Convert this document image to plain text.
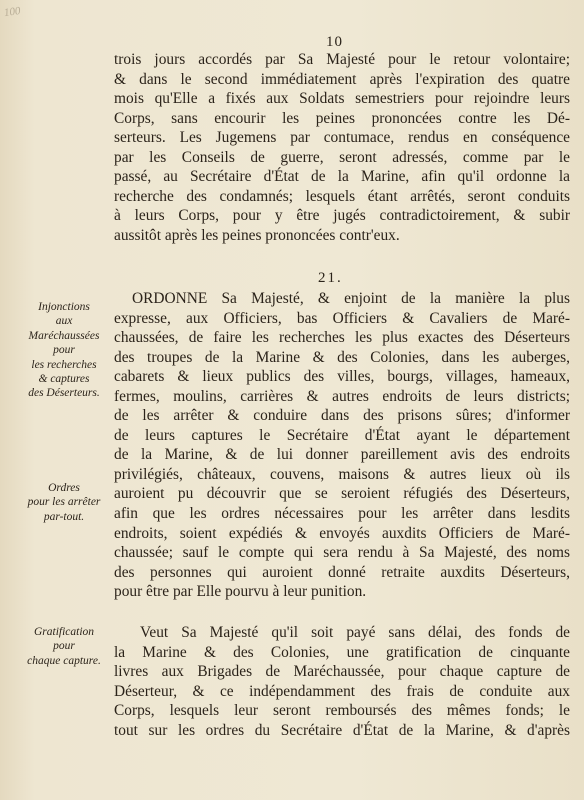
100
10
trois jours accordés par Sa Majesté pour le retour volontaire;
& dans le second immédiatement après l'expiration des quatre
mois qu'Elle a fixés aux Soldats semestriers pour rejoindre leurs
Corps, sans encourir les peines prononcées contre les Dé-
serteurs. Les Jugemens par contumace, rendus en conséquence
par les Conseils de guerre, seront adressés, comme par le
passé, au Secrétaire d'État de la Marine, afin qu'il ordonne la
recherche des condamnés; lesquels étant arrêtés, seront conduits
à leurs Corps, pour y être jugés contradictoirement, & subir
aussitôt après les peines prononcées contr'eux.
21.
ORDONNE Sa Majesté, & enjoint de la manière la plus
expresse, aux Officiers, bas Officiers & Cavaliers de Maré-
chaussées, de faire les recherches les plus exactes des Déserteurs
des troupes de la Marine & des Colonies, dans les auberges,
cabarets & lieux publics des villes, bourgs, villages, hameaux,
fermes, moulins, carrières & autres endroits de leurs districts;
de les arrêter & conduire dans des prisons sûres; d'informer
de leurs captures le Secrétaire d'État ayant le département
de la Marine, & de lui donner pareillement avis des endroits
privilégiés, châteaux, couvens, maisons & autres lieux où ils
auroient pu découvrir que se seroient réfugiés des Déserteurs,
afin que les ordres nécessaires pour les arrêter dans lesdits
endroits, soient expédiés & envoyés auxdits Officiers de Maré-
chaussée; sauf le compte qui sera rendu à Sa Majesté, des noms
des personnes qui auroient donné retraite auxdits Déserteurs,
pour être par Elle pourvu à leur punition.
Veut Sa Majesté qu'il soit payé sans délai, des fonds de
la Marine & des Colonies, une gratification de cinquante
livres aux Brigades de Maréchaussée, pour chaque capture de
Déserteur, & ce indépendamment des frais de conduite aux
Corps, lesquels leur seront remboursés des mêmes fonds; le
tout sur les ordres du Secrétaire d'État de la Marine, & d'après
Injonctions
aux
Maréchaussées
pour
les recherches
& captures
des Déserteurs.
Ordres
pour les arrêter
par-tout.
Gratification
pour
chaque capture.
